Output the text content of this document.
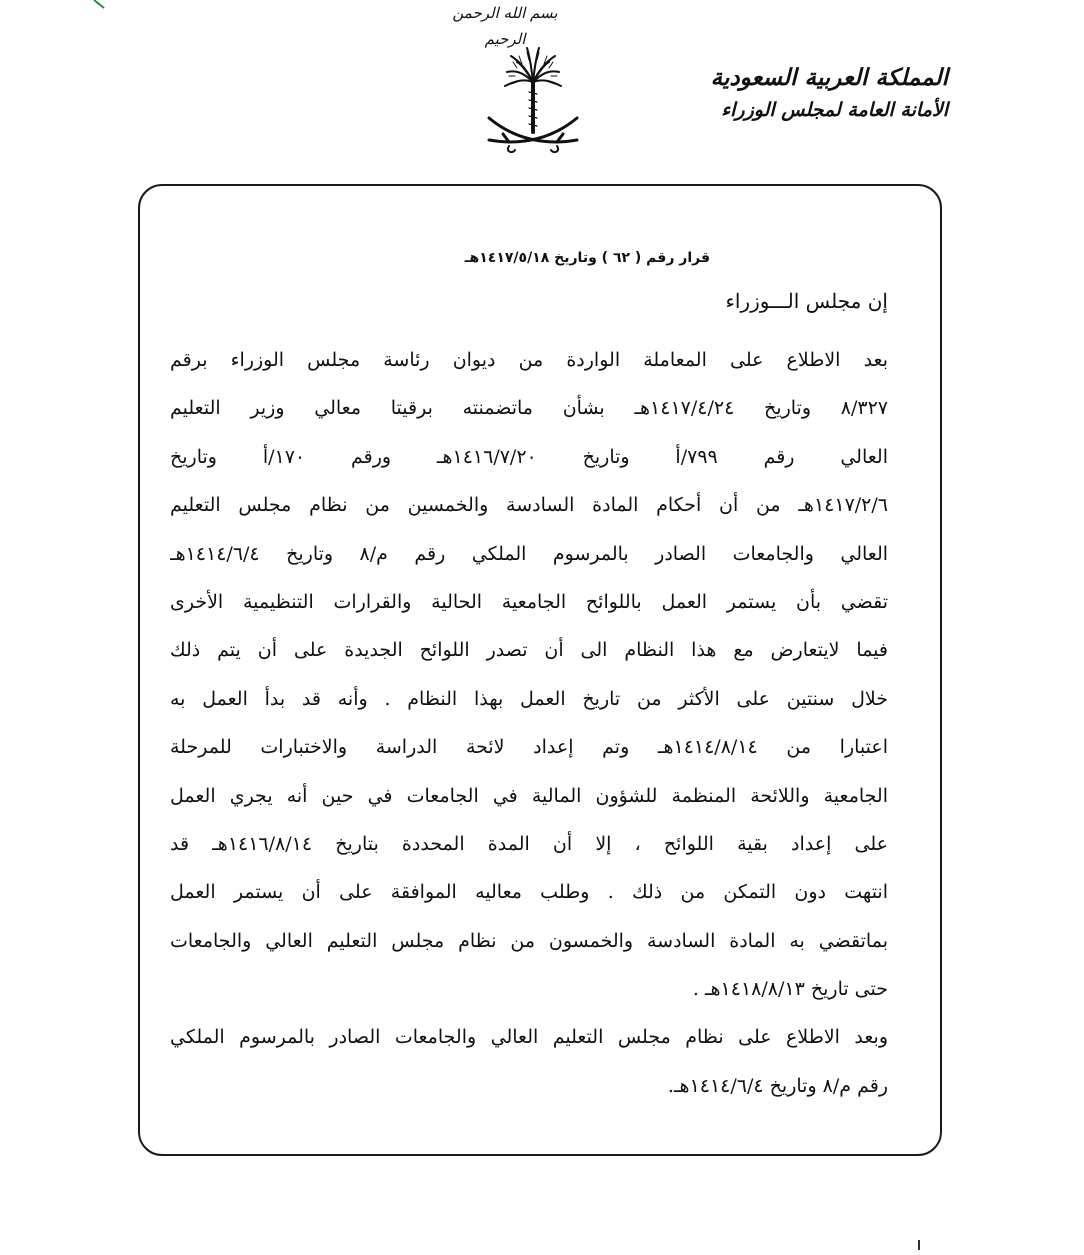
بسم الله الرحمن الرحيم
المملكة العربية السعودية
الأمانة العامة لمجلس الوزراء
قرار رقم ( ٦٢ ) وتاريخ ١٤١٧/٥/١٨هـ
إن مجلس الـــوزراء
بعد الاطلاع على المعاملة الواردة من ديوان رئاسة مجلس الوزراء برقم
٨/٣٢٧ وتاريخ ١٤١٧/٤/٢٤هـ بشأن ماتضمنته برقيتا معالي وزير التعليم
العالي رقم ٧٩٩/أ وتاريخ ١٤١٦/٧/٢٠هـ ورقم ١٧٠/أ وتاريخ
١٤١٧/٢/٦هـ من أن أحكام المادة السادسة والخمسين من نظام مجلس التعليم
العالي والجامعات الصادر بالمرسوم الملكي رقم م/٨ وتاريخ ١٤١٤/٦/٤هـ
تقضي بأن يستمر العمل باللوائح الجامعية الحالية والقرارات التنظيمية الأخرى
فيما لايتعارض مع هذا النظام الى أن تصدر اللوائح الجديدة على أن يتم ذلك
خلال سنتين على الأكثر من تاريخ العمل بهذا النظام . وأنه قد بدأ العمل به
اعتبارا من ١٤١٤/٨/١٤هـ وتم إعداد لائحة الدراسة والاختبارات للمرحلة
الجامعية واللائحة المنظمة للشؤون المالية في الجامعات في حين أنه يجري العمل
على إعداد بقية اللوائح ، إلا أن المدة المحددة بتاريخ ١٤١٦/٨/١٤هـ قد
انتهت دون التمكن من ذلك . وطلب معاليه الموافقة على أن يستمر العمل
بماتقضي به المادة السادسة والخمسون من نظام مجلس التعليم العالي والجامعات
حتى تاريخ ١٤١٨/٨/١٣هـ .
وبعد الاطلاع على نظام مجلس التعليم العالي والجامعات الصادر بالمرسوم الملكي
رقم م/٨ وتاريخ ١٤١٤/٦/٤هـ.
